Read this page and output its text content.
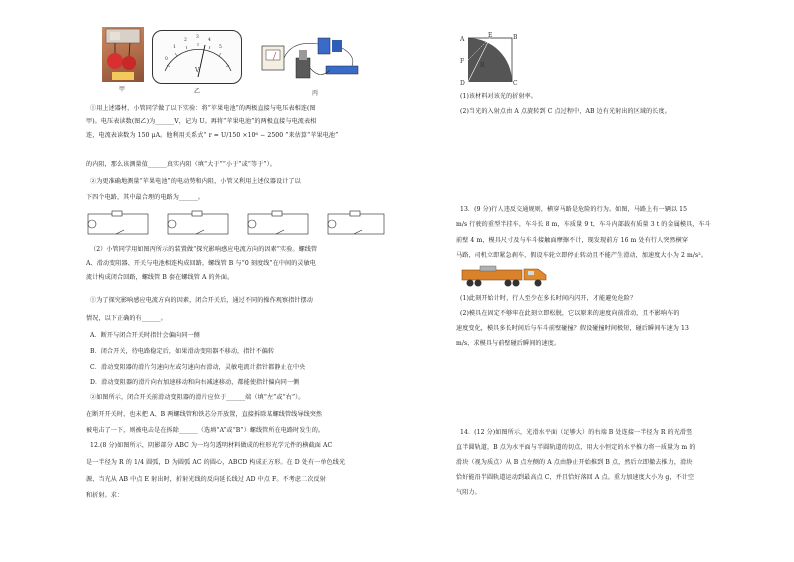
甲
V
0
1
2
3
4
5
乙	丙
①用上述器材，小管同学做了以下实验：将“苹果电池”的两极直接与电压表相连(图
甲)。电压表读数(图乙)为______V，记为 U。再将“苹果电池”的两极直接与电流表相
连，电流表读数为 150 μA。他利用关系式“ r = U/150 ×10⁶ − 2500 ”来估算“苹果电池”
的内阻，那么该测量值______真实内阻（填“大于”“小于”或“等于”）。
②为更准确地测量“苹果电池”的电动势和内阻，小管又利用上述仪器设计了以
下四个电路，其中最合理的电路为______。
（2）小管同学用如图丙所示的装置做“探究影响感应电流方向的因素”实验。螺线管
A、滑动变阻器、开关与电池相连构成回路，螺线管 B 与“0 刻度线”在中间的灵敏电
流计构成闭合回路，螺线管 B 套在螺线管 A 的外面。
①为了探究影响感应电流方向的因素，闭合开关后，通过不同的操作观察指针摆动
情况，以下正确的有______。
A．断开与闭合开关时指针会偏向同一侧
B．闭合开关，待电路稳定后，如果滑动变阻器不移动，指针不偏转
C．滑动变阻器的滑片匀速向左或匀速向右滑动，灵敏电流计指针都静止在中央
D．滑动变阻器的滑片向右加速移动和向右减速移动，都能使指针偏向同一侧
②如图所示，闭合开关前滑动变阻器的滑片应位于______端（填“左”或“右”）。
在断开开关时，也未把 A、B 两螺线管和铁芯分开放置，直接拆除某螺线管线导线突然
被电击了一下，则被电击是在拆除______（选填“A”或“B”）螺线管所在电路时发生的。
12.(8 分)如图所示，阴影部分 ABC 为一均匀透明材料做成的柱形光学元件的横截面 AC
是一半径为 R 的 1/4 圆弧，D 为圆弧 AC 的圆心，ABCD 构成正方形。在 D 处有一单色线光
源，当光从 AB 中点 E 射出时，折射光线的反向延长线过 AD 中点 F。不考虑二次反射
和折射。求：
A
E	B
F
R
D	C
(1)该材料对该光的折射率。
(2)当光的入射点由 A 点旋转到 C 点过程中，AB 边有光射出的区域的长度。
13．(9 分)行人违反交通规则，横穿马路是危险的行为。如图，马路上有一辆以 15
m/s 行驶的重型半挂车，车斗长 8 m，车质量 9 t，车斗内部载有质量 3 t 的金属模具，车斗
前壁 4 m，模具尺寸及与车斗接触面摩擦不计，现发现前方 16 m 处有行人突然横穿
马路，司机立即紧急刹车，假设车轮立即停止转动且不能产生滑动，加速度大小为 2 m/s²。
(1)此刻开始计时，行人至少在多长时间内闪开，才能避免危险？
(2)模具在固定不够牢在此刻立即松脱，它以原来的速度向前滑动，且不影响车的
速度变化，模具多长时间后与车斗前壁碰撞？假设碰撞时间极短，碰后瞬间车速为 13
m/s，求模具与前壁碰后瞬间的速度。
14．(12 分)如图所示，光滑水平面（足够大）的右端 B 处连接一半径为 R 的光滑竖
直半圆轨道，B 点为水平面与半圆轨道的切点，用大小恒定的水平推力将一质量为 m 的
滑块（视为质点）从 B 点左侧的 A 点由静止开始推到 B 点，然后立即撤去推力，滑块
恰好能沿半圆轨道运动到最高点 C，并且恰好落回 A 点。重力加速度大小为 g，不计空
气阻力。
